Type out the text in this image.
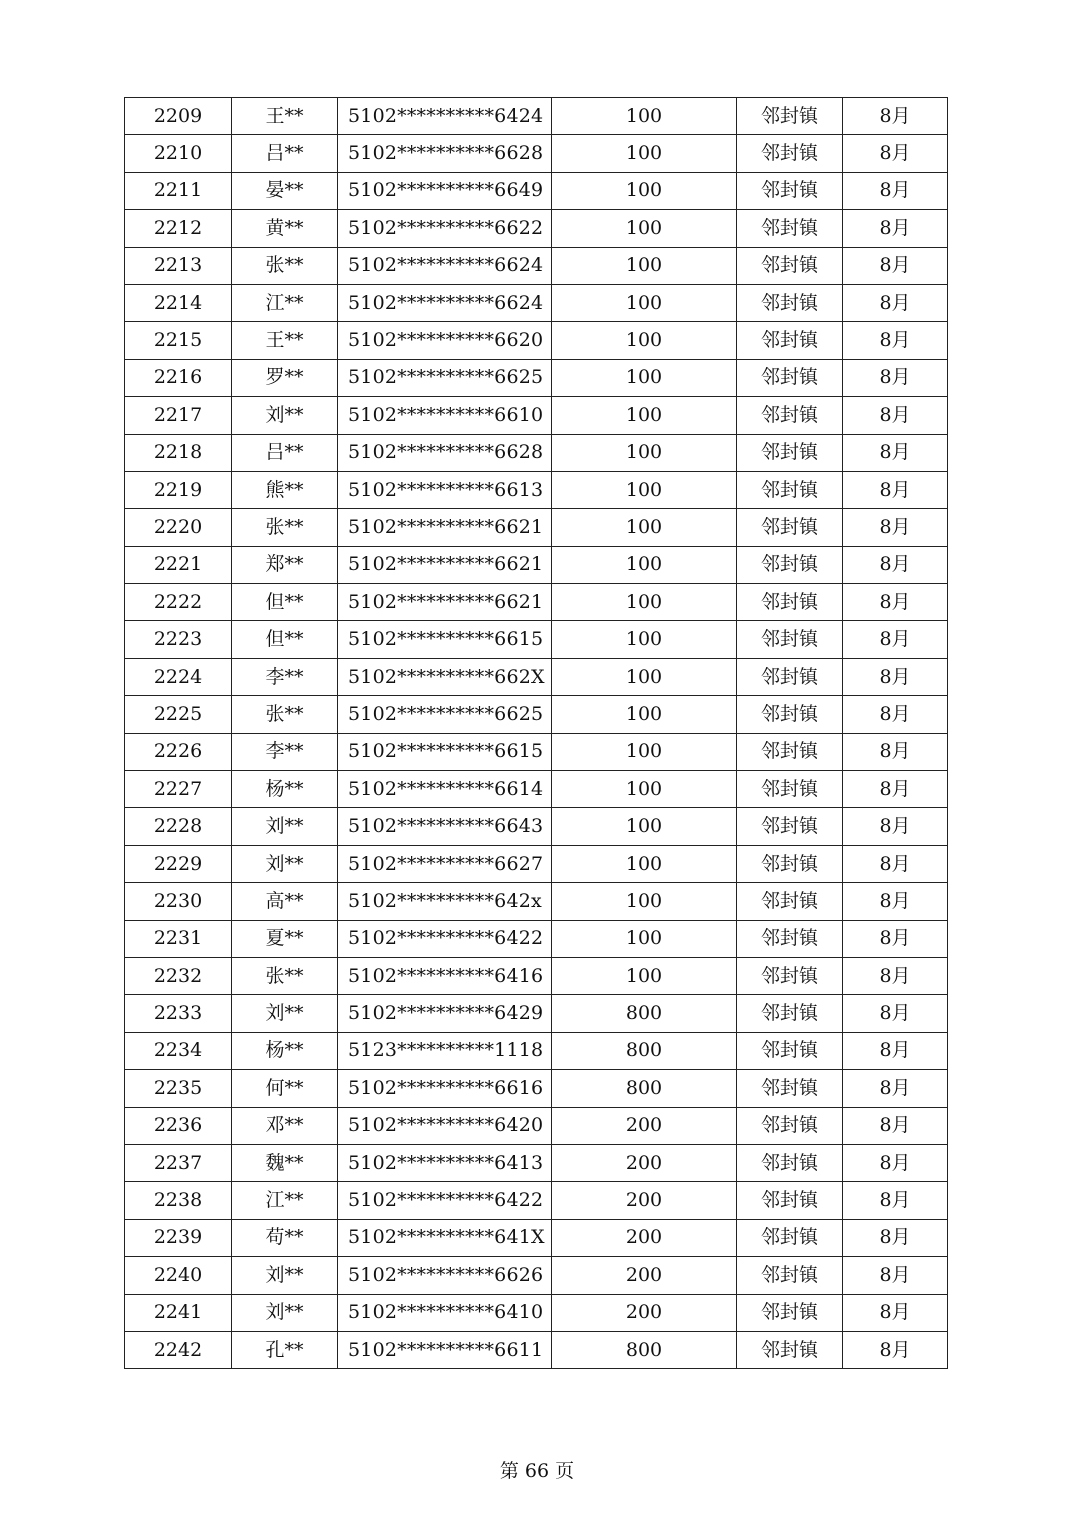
2209	王**	5102**********6424	100	邻封镇	8月
2210	吕**	5102**********6628	100	邻封镇	8月
2211	晏**	5102**********6649	100	邻封镇	8月
2212	黄**	5102**********6622	100	邻封镇	8月
2213	张**	5102**********6624	100	邻封镇	8月
2214	江**	5102**********6624	100	邻封镇	8月
2215	王**	5102**********6620	100	邻封镇	8月
2216	罗**	5102**********6625	100	邻封镇	8月
2217	刘**	5102**********6610	100	邻封镇	8月
2218	吕**	5102**********6628	100	邻封镇	8月
2219	熊**	5102**********6613	100	邻封镇	8月
2220	张**	5102**********6621	100	邻封镇	8月
2221	郑**	5102**********6621	100	邻封镇	8月
2222	但**	5102**********6621	100	邻封镇	8月
2223	但**	5102**********6615	100	邻封镇	8月
2224	李**	5102**********662X	100	邻封镇	8月
2225	张**	5102**********6625	100	邻封镇	8月
2226	李**	5102**********6615	100	邻封镇	8月
2227	杨**	5102**********6614	100	邻封镇	8月
2228	刘**	5102**********6643	100	邻封镇	8月
2229	刘**	5102**********6627	100	邻封镇	8月
2230	高**	5102**********642x	100	邻封镇	8月
2231	夏**	5102**********6422	100	邻封镇	8月
2232	张**	5102**********6416	100	邻封镇	8月
2233	刘**	5102**********6429	800	邻封镇	8月
2234	杨**	5123**********1118	800	邻封镇	8月
2235	何**	5102**********6616	800	邻封镇	8月
2236	邓**	5102**********6420	200	邻封镇	8月
2237	魏**	5102**********6413	200	邻封镇	8月
2238	江**	5102**********6422	200	邻封镇	8月
2239	苟**	5102**********641X	200	邻封镇	8月
2240	刘**	5102**********6626	200	邻封镇	8月
2241	刘**	5102**********6410	200	邻封镇	8月
2242	孔**	5102**********6611	800	邻封镇	8月
第 66 页
